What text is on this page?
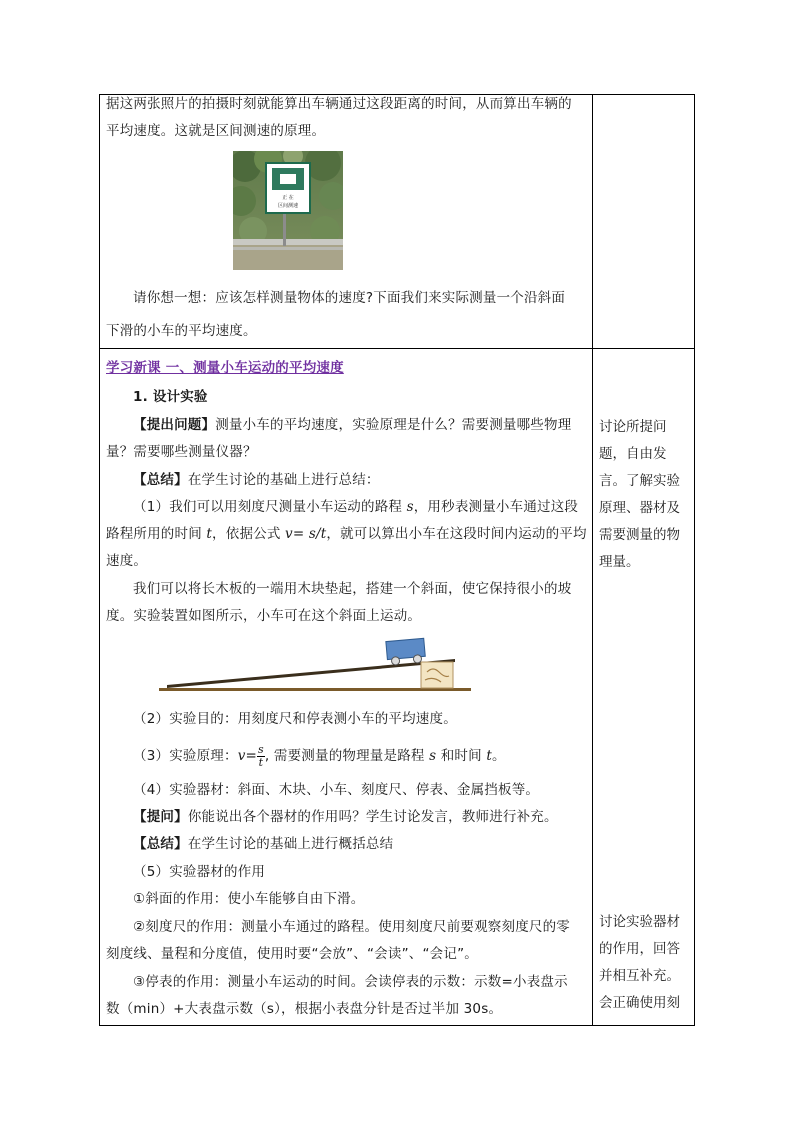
据这两张照片的拍摄时刻就能算出车辆通过这段距离的时间，从而算出车辆的
平均速度。这就是区间测速的原理。
正 在
区间测速
请你想一想：应该怎样测量物体的速度?下面我们来实际测量一个沿斜面
下滑的小车的平均速度。
学习新课 一、测量小车运动的平均速度
1. 设计实验
【提出问题】测量小车的平均速度，实验原理是什么？需要测量哪些物理
量？需要哪些测量仪器？
【总结】在学生讨论的基础上进行总结：
（1）我们可以用刻度尺测量小车运动的路程 s，用秒表测量小车通过这段
路程所用的时间 t，依据公式 v= s/t，就可以算出小车在这段时间内运动的平均
速度。
我们可以将长木板的一端用木块垫起，搭建一个斜面，使它保持很小的坡
度。实验装置如图所示，小车可在这个斜面上运动。
（2）实验目的：用刻度尺和停表测小车的平均速度。
（3）实验原理：$v= \frac{s}{t}$ , 需要测量的物理量是路程 s 和时间 t。
（4）实验器材：斜面、木块、小车、刻度尺、停表、金属挡板等。
【提问】你能说出各个器材的作用吗？学生讨论发言，教师进行补充。
【总结】在学生讨论的基础上进行概括总结
（5）实验器材的作用
①斜面的作用：使小车能够自由下滑。
②刻度尺的作用：测量小车通过的路程。使用刻度尺前要观察刻度尺的零
刻度线、量程和分度值，使用时要“会放”、“会读”、“会记”。
③停表的作用：测量小车运动的时间。会读停表的示数：示数=小表盘示
数（min）+大表盘示数（s），根据小表盘分针是否过半加 30s。
讨论所提问
题，自由发
言。了解实验
原理、器材及
需要测量的物
理量。
讨论实验器材
的作用，回答
并相互补充。
会正确使用刻
